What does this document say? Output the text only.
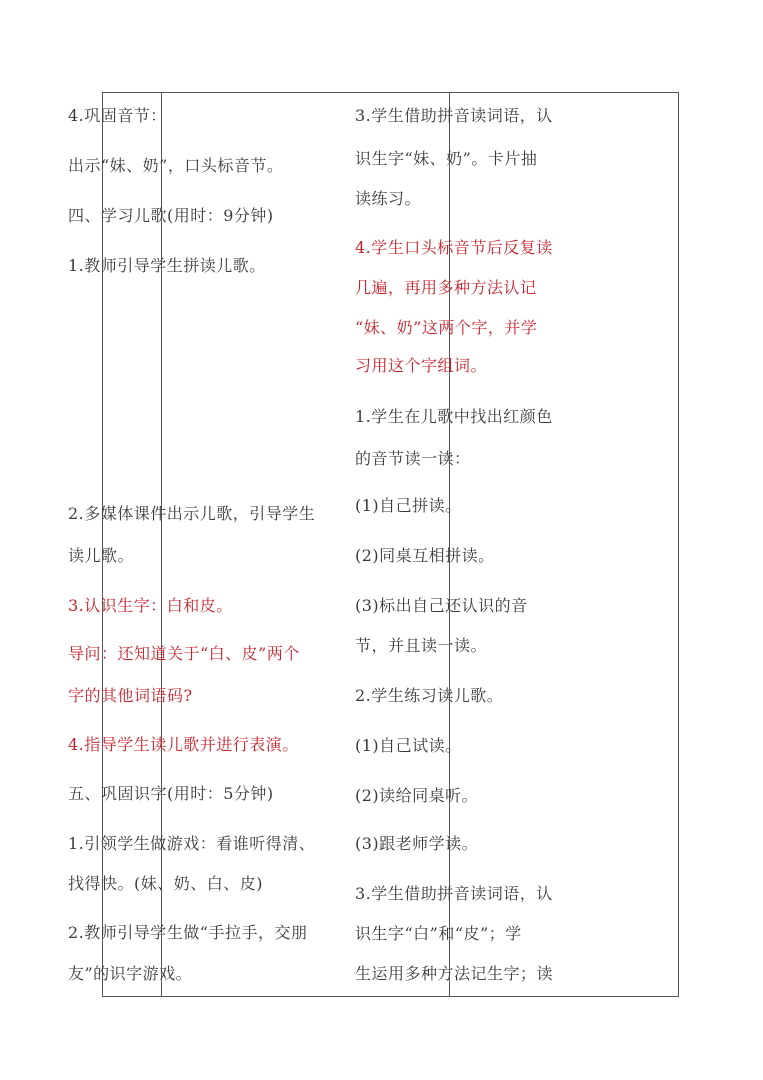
4.巩固音节：
出示“妹、奶”，口头标音节。
四、学习儿歌(用时：9分钟)
1.教师引导学生拼读儿歌。
2.多媒体课件出示儿歌，引导学生
读儿歌。
3.认识生字：白和皮。
导问：还知道关于“白、皮”两个
字的其他词语码?
4.指导学生读儿歌并进行表演。
五、巩固识字(用时：5分钟)
1.引领学生做游戏：看谁听得清、
找得快。(妹、奶、白、皮)
2.教师引导学生做“手拉手，交朋
友”的识字游戏。
3.学生借助拼音读词语，认
识生字“妹、奶”。卡片抽
读练习。
4.学生口头标音节后反复读
几遍，再用多种方法认记
“妹、奶”这两个字，并学
习用这个字组词。
1.学生在儿歌中找出红颜色
的音节读一读：
(1)自己拼读。
(2)同桌互相拼读。
(3)标出自己还认识的音
节，并且读一读。
2.学生练习读儿歌。
(1)自己试读。
(2)读给同桌听。
(3)跟老师学读。
3.学生借助拼音读词语，认
识生字“白”和“皮”；学
生运用多种方法记生字；读
